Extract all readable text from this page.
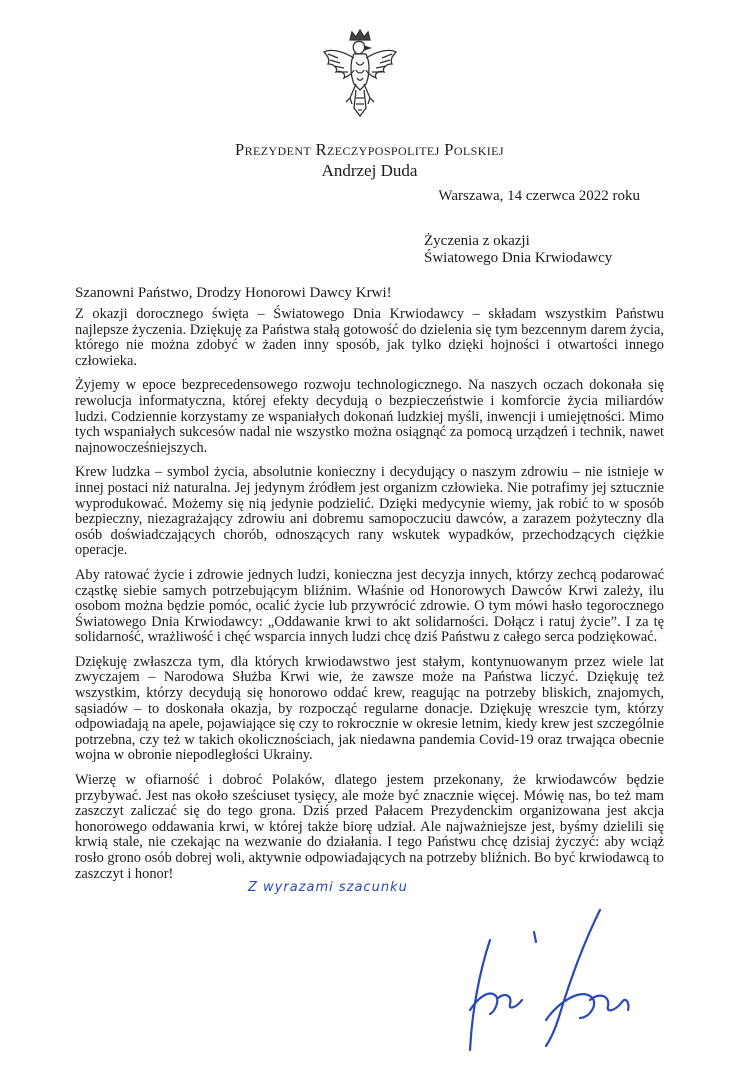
Prezydent Rzeczypospolitej Polskiej
Andrzej Duda
Warszawa, 14 czerwca 2022 roku
Życzenia z okazji
Światowego Dnia Krwiodawcy
Szanowni Państwo, Drodzy Honorowi Dawcy Krwi!

Z okazji dorocznego święta – Światowego Dnia Krwiodawcy – składam wszystkim Państwu najlepsze życzenia. Dziękuję za Państwa stałą gotowość do dzielenia się tym bezcennym darem życia, którego nie można zdobyć w żaden inny sposób, jak tylko dzięki hojności i otwartości innego człowieka.

Żyjemy w epoce bezprecedensowego rozwoju technologicznego. Na naszych oczach dokonała się rewolucja informatyczna, której efekty decydują o bezpieczeństwie i komforcie życia miliardów ludzi. Codziennie korzystamy ze wspaniałych dokonań ludzkiej myśli, inwencji i umiejętności. Mimo tych wspaniałych sukcesów nadal nie wszystko można osiągnąć za pomocą urządzeń i technik, nawet najnowocześniejszych.

Krew ludzka – symbol życia, absolutnie konieczny i decydujący o naszym zdrowiu – nie istnieje w innej postaci niż naturalna. Jej jedynym źródłem jest organizm człowieka. Nie potrafimy jej sztucznie wyprodukować. Możemy się nią jedynie podzielić. Dzięki medycynie wiemy, jak robić to w sposób bezpieczny, niezagrażający zdrowiu ani dobremu samopoczuciu dawców, a zarazem pożyteczny dla osób doświadczających chorób, odnoszących rany wskutek wypadków, przechodzących ciężkie operacje.

Aby ratować życie i zdrowie jednych ludzi, konieczna jest decyzja innych, którzy zechcą podarować cząstkę siebie samych potrzebującym bliźnim. Właśnie od Honorowych Dawców Krwi zależy, ilu osobom można będzie pomóc, ocalić życie lub przywrócić zdrowie. O tym mówi hasło tegorocznego Światowego Dnia Krwiodawcy: „Oddawanie krwi to akt solidarności. Dołącz i ratuj życie”. I za tę solidarność, wrażliwość i chęć wsparcia innych ludzi chcę dziś Państwu z całego serca podziękować.

Dziękuję zwłaszcza tym, dla których krwiodawstwo jest stałym, kontynuowanym przez wiele lat zwyczajem – Narodowa Służba Krwi wie, że zawsze może na Państwa liczyć. Dziękuję też wszystkim, którzy decydują się honorowo oddać krew, reagując na potrzeby bliskich, znajomych, sąsiadów – to doskonała okazja, by rozpocząć regularne donacje. Dziękuję wreszcie tym, którzy odpowiadają na apele, pojawiające się czy to rokrocznie w okresie letnim, kiedy krew jest szczególnie potrzebna, czy też w takich okolicznościach, jak niedawna pandemia Covid-19 oraz trwająca obecnie wojna w obronie niepodległości Ukrainy.

Wierzę w ofiarność i dobroć Polaków, dlatego jestem przekonany, że krwiodawców będzie przybywać. Jest nas około sześciuset tysięcy, ale może być znacznie więcej. Mówię nas, bo też mam zaszczyt zaliczać się do tego grona. Dziś przed Pałacem Prezydenckim organizowana jest akcja honorowego oddawania krwi, w której także biorę udział. Ale najważniejsze jest, byśmy dzielili się krwią stale, nie czekając na wezwanie do działania. I tego Państwu chcę dzisiaj życzyć: aby wciąż rosło grono osób dobrej woli, aktywnie odpowiadających na potrzeby bliźnich. Bo być krwiodawcą to zaszczyt i honor!

Z wyrazami szacunku
